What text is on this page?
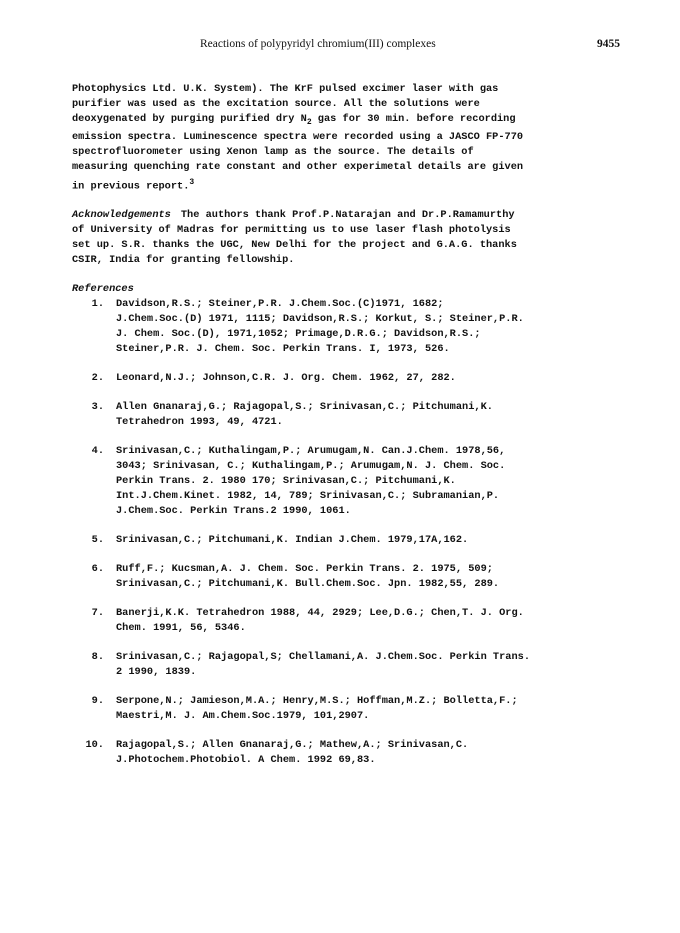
Reactions of polypyridyl chromium(III) complexes	9455
Photophysics Ltd. U.K. System). The KrF pulsed excimer laser with gas
purifier was used as the excitation source. All the solutions were
deoxygenated by purging purified dry $N_2$ gas for 30 min. before recording
emission spectra. Luminescence spectra were recorded using a JASCO FP-770
spectrofluorometer using Xenon lamp as the source. The details of
measuring quenching rate constant and other experimetal details are given
in previous report.$^3$
Acknowledgements The authors thank Prof.P.Natarajan and Dr.P.Ramamurthy
of University of Madras for permitting us to use laser flash photolysis
set up. S.R. thanks the UGC, New Delhi for the project and G.A.G. thanks
CSIR, India for granting fellowship.
References
1.	Davidson,R.S.; Steiner,P.R. J.Chem.Soc.(C)1971, 1682;
J.Chem.Soc.(D) 1971, 1115; Davidson,R.S.; Korkut, S.; Steiner,P.R.
J. Chem. Soc.(D), 1971,1052; Primage,D.R.G.; Davidson,R.S.;
Steiner,P.R. J. Chem. Soc. Perkin Trans. I, 1973, 526.
2.	Leonard,N.J.; Johnson,C.R. J. Org. Chem. 1962, 27, 282.
3.	Allen Gnanaraj,G.; Rajagopal,S.; Srinivasan,C.; Pitchumani,K.
Tetrahedron 1993, 49, 4721.
4.	Srinivasan,C.; Kuthalingam,P.; Arumugam,N. Can.J.Chem. 1978,56,
3043; Srinivasan, C.; Kuthalingam,P.; Arumugam,N. J. Chem. Soc.
Perkin Trans. 2. 1980 170; Srinivasan,C.; Pitchumani,K.
Int.J.Chem.Kinet. 1982, 14, 789; Srinivasan,C.; Subramanian,P.
J.Chem.Soc. Perkin Trans.2 1990, 1061.
5.	Srinivasan,C.; Pitchumani,K. Indian J.Chem. 1979,17A,162.
6.	Ruff,F.; Kucsman,A. J. Chem. Soc. Perkin Trans. 2. 1975, 509;
Srinivasan,C.; Pitchumani,K. Bull.Chem.Soc. Jpn. 1982,55, 289.
7.	Banerji,K.K. Tetrahedron 1988, 44, 2929; Lee,D.G.; Chen,T. J. Org.
Chem. 1991, 56, 5346.
8.	Srinivasan,C.; Rajagopal,S; Chellamani,A. J.Chem.Soc. Perkin Trans.
2 1990, 1839.
9.	Serpone,N.; Jamieson,M.A.; Henry,M.S.; Hoffman,M.Z.; Bolletta,F.;
Maestri,M. J. Am.Chem.Soc.1979, 101,2907.
10.	Rajagopal,S.; Allen Gnanaraj,G.; Mathew,A.; Srinivasan,C.
J.Photochem.Photobiol. A Chem. 1992 69,83.
